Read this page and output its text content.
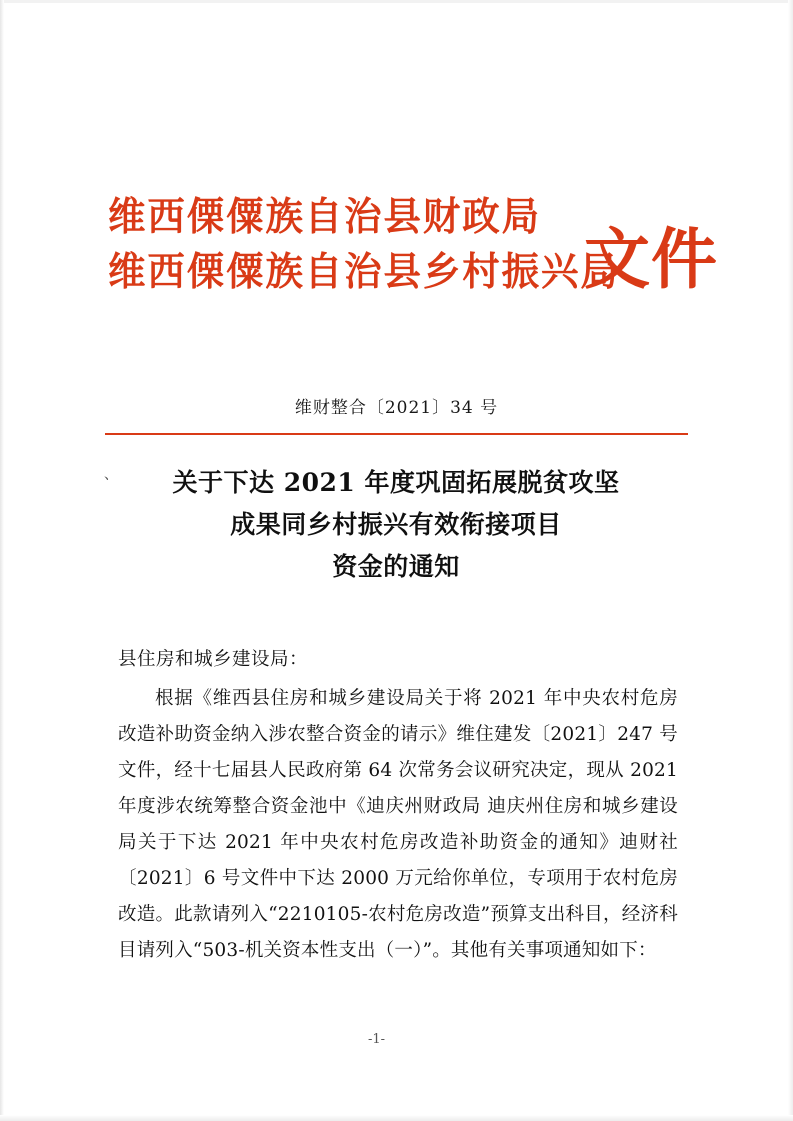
维西傈僳族自治县财政局
维西傈僳族自治县乡村振兴局
文件
维财整合〔2021〕34 号
、	关于下达 2021 年度巩固拓展脱贫攻坚
成果同乡村振兴有效衔接项目
资金的通知
县住房和城乡建设局：
根据《维西县住房和城乡建设局关于将 2021 年中央农村危房改造补助资金纳入涉农整合资金的请示》维住建发〔2021〕247 号文件，经十七届县人民政府第 64 次常务会议研究决定，现从 2021 年度涉农统筹整合资金池中《迪庆州财政局 迪庆州住房和城乡建设局关于下达 2021 年中央农村危房改造补助资金的通知》迪财社〔2021〕6 号文件中下达 2000 万元给你单位，专项用于农村危房改造。此款请列入“2210105-农村危房改造”预算支出科目，经济科目请列入“503-机关资本性支出（一）”。其他有关事项通知如下：
-1-
